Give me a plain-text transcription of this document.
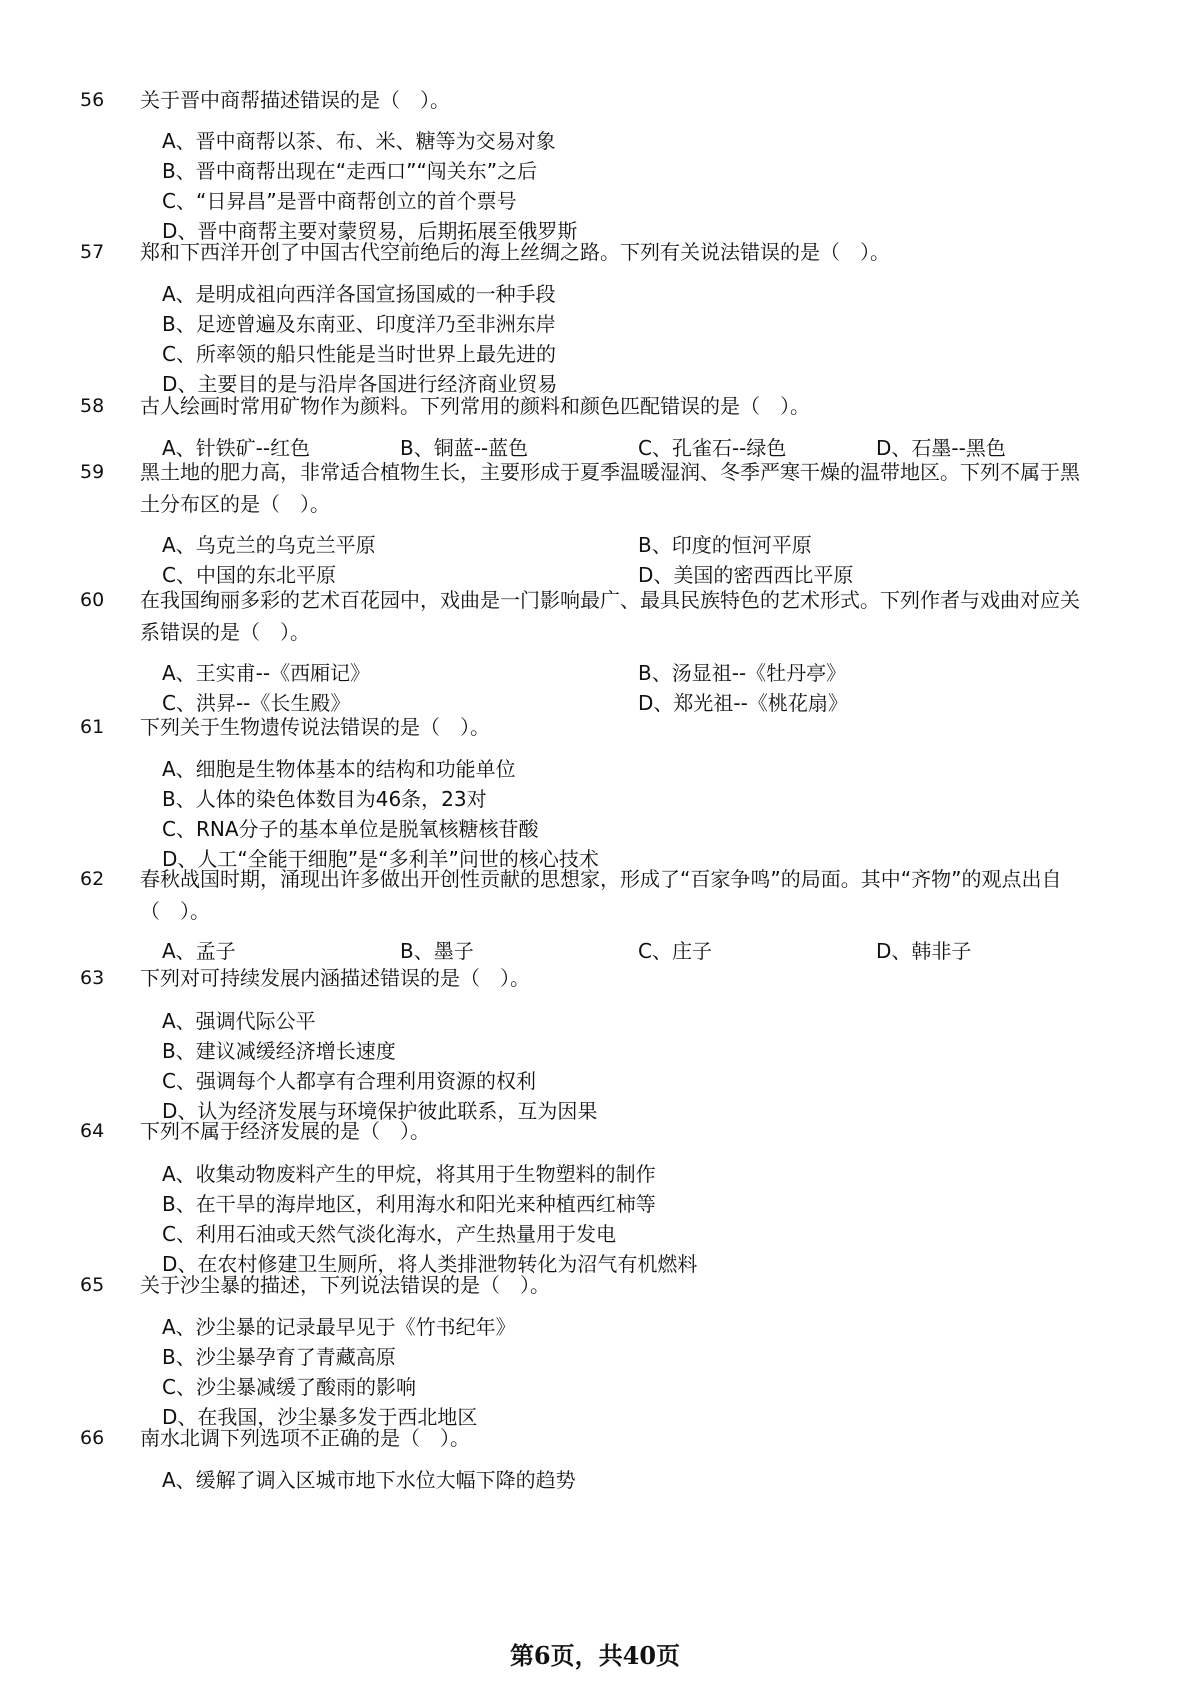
56 关于晋中商帮描述错误的是（　）。

A、晋中商帮以茶、布、米、糖等为交易对象
B、晋中商帮出现在“走西口”“闯关东”之后
C、“日昇昌”是晋中商帮创立的首个票号
D、晋中商帮主要对蒙贸易，后期拓展至俄罗斯
57 郑和下西洋开创了中国古代空前绝后的海上丝绸之路。下列有关说法错误的是（　）。

A、是明成祖向西洋各国宣扬国威的一种手段
B、足迹曾遍及东南亚、印度洋乃至非洲东岸
C、所率领的船只性能是当时世界上最先进的
D、主要目的是与沿岸各国进行经济商业贸易
58 古人绘画时常用矿物作为颜料。下列常用的颜料和颜色匹配错误的是（　）。

A、针铁矿--红色	B、铜蓝--蓝色	C、孔雀石--绿色	D、石墨--黑色
59 黑土地的肥力高，非常适合植物生长，主要形成于夏季温暖湿润、冬季严寒干燥的温带地区。下列不属于黑土分布区的是（　）。

A、乌克兰的乌克兰平原	B、印度的恒河平原
C、中国的东北平原	D、美国的密西西比平原
60 在我国绚丽多彩的艺术百花园中，戏曲是一门影响最广、最具民族特色的艺术形式。下列作者与戏曲对应关系错误的是（　）。

A、王实甫--《西厢记》	B、汤显祖--《牡丹亭》
C、洪昇--《长生殿》	D、郑光祖--《桃花扇》
61 下列关于生物遗传说法错误的是（　）。

A、细胞是生物体基本的结构和功能单位
B、人体的染色体数目为46条，23对
C、RNA分子的基本单位是脱氧核糖核苷酸
D、人工“全能干细胞”是“多利羊”问世的核心技术
62 春秋战国时期，涌现出许多做出开创性贡献的思想家，形成了“百家争鸣”的局面。其中“齐物”的观点出自（　）。

A、孟子	B、墨子	C、庄子	D、韩非子
63 下列对可持续发展内涵描述错误的是（　）。

A、强调代际公平
B、建议减缓经济增长速度
C、强调每个人都享有合理利用资源的权利
D、认为经济发展与环境保护彼此联系，互为因果
64 下列不属于经济发展的是（　）。

A、收集动物废料产生的甲烷，将其用于生物塑料的制作
B、在干旱的海岸地区，利用海水和阳光来种植西红柿等
C、利用石油或天然气淡化海水，产生热量用于发电
D、在农村修建卫生厕所，将人类排泄物转化为沼气有机燃料
65 关于沙尘暴的描述，下列说法错误的是（　）。

A、沙尘暴的记录最早见于《竹书纪年》
B、沙尘暴孕育了青藏高原
C、沙尘暴减缓了酸雨的影响
D、在我国，沙尘暴多发于西北地区
66 南水北调下列选项不正确的是（　）。

A、缓解了调入区城市地下水位大幅下降的趋势
第6页，共40页
